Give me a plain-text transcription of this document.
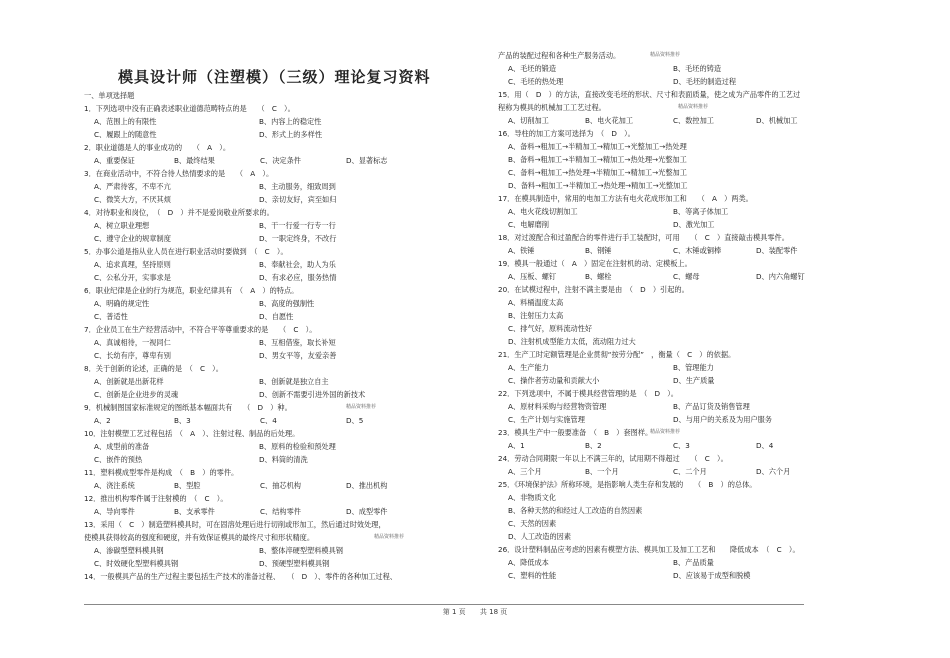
模具设计师（注塑模）（三级）理论复习资料
一、单项选择题
1．下列选项中没有正确表述职业道德范畴特点的是　　（　C　）。
A、范围上的有限性	B、内容上的稳定性
C、履跟上的随意性	D、形式上的多样性
2．职业道德是人的事业成功的　　（　A　）。
A、重要保证	B、最终结果	C、决定条件	D、显著标志
3．在商业活动中，不符合待人热情要求的是　　（　A　）。
A、严肃待客，不卑不亢	B、主动服务，细致周到
C、微笑大方，不厌其烦	D、亲切友好，宾至如归
4．对待职业和岗位，　（　D　）并不是爱岗敬业所要求的。
A、树立职业理想	B、干一行爱一行专一行
C、遵守企业的规章制度	D、一职定终身，不改行
5．办事公道是指从业人员在进行职业活动时要做到　（　C　）。
A、追求真理，坚持原则	B、奉献社会，助人为乐
C、公私分开，实事求是	D、有求必应，服务热情
6．职业纪律是企业的行为规范，职业纪律具有　（　A　）的特点。
A、明确的规定性	B、高度的强制性
C、普适性	D、自愿性
7．企业员工在生产经营活动中，不符合平等尊重要求的是　　（　C　）。
A、真诚相待，一视同仁	B、互相借鉴，取长补短
C、长幼有序，尊卑有别	D、男女平等，友爱亲善
8．关于创新的论述，正确的是　（　C　）。
A、创新就是出新花样	B、创新就是独立自主
C、创新是企业进步的灵魂	D、创新不需要引进外国的新技术
9．机械制图国家标准规定的图纸基本幅面共有　　（　D　）种。	精品资料推荐
A、2	B、3	C、4	D、5
10．注射模塑工艺过程包括　（　A　）、注射过程、制品的后处理。
A、成型前的准备	B、原料的检验和预处理
C、嵌件的预热	D、料筒的清洗
11．塑料模成型零件是构成　（　B　）的零件。
A、浇注系统	B、型腔	C、抽芯机构	D、推出机构
12．推出机构零件属于注射模的　（　C　）。
A、导向零件	B、支承零件	C、结构零件	D、成型零件
13．采用（　C　）制造塑料模具时，可在固溶处理后进行切削或形加工，然后通过时效处理，
使模具获得较高的强度和硬度，并有效保证模具的最终尺寸和形状精度。	精品资料推荐
A、渗碳型塑料模具钢	B、整体淬硬型塑料模具钢
C、时效硬化型塑料模具钢	D、预硬型塑料模具钢
14．一般模具产品的生产过程主要包括生产技术的准备过程、　　（　D　）、零件的各种加工过程、
产品的装配过程和各种生产服务活动。	精品资料推荐
A、毛坯的锻造	B、毛坯的铸造
C、毛坯的热处理	D、毛坯的制造过程
15．用（　D　）的方法，直接改变毛坯的形状、尺寸和表面质量，使之成为产品零件的工艺过
程称为模具的机械加工工艺过程。	精品资料推荐
A、切削加工	B、电火花加工	C、数控加工	D、机械加工
16．导柱的加工方案可选择为　（　D　）。
A、备料→粗加工→半精加工→精加工→光整加工→热处理
B、备料→粗加工→半精加工→精加工→热处理→光整加工
C、备料→粗加工→热处理→半精加工→精加工→光整加工
D、备料→粗加工→半精加工→热处理→精加工→光整加工
17．在模具制造中，常用的电加工方法有电火花成形加工和　　（　A　）两类。
A、电火花线切割加工	B、等离子体加工
C、电解磨削	D、激光加工
18．对过渡配合和过盈配合的零件进行手工装配时，可用　　（　C　）直接敲击模具零件。
A、铁锤	B、钢锤	C、木锤或铜棒	D、装配零件
19．模具一般通过（　A　）固定在注射机的动、定模板上。
A、压板、螺钉	B、螺栓	C、螺母	D、内六角螺钉
20．在试模过程中，注射不满主要是由　（　D　）引起的。
A、料桶温度太高
B、注射压力太高
C、排气好，原料流动性好
D、注射机成型能力太低，流动阻力过大
21．生产工时定额管理是企业贯彻“按劳分配”　，衡量（　C　）的依据。
A、生产能力	B、管理能力
C、操作者劳动量和贡献大小	D、生产质量
22．下列选项中，不属于模具经营管理的是　（　D　）。
A、原材料采购与经营物资管理	B、产品订货及销售管理
C、生产计划与实施管理	D、与用户的关系及为用户服务
23．模具生产中一般要准备　（　B　）套图样。
精品资料推荐
A、1	B、2	C、3	D、4
24．劳动合同期限一年以上不满三年的，试用期不得超过　　（　C　）。
A、三个月	B、一个月	C、二个月	D、六个月
25．《环境保护法》所称环境，是指影响人类生存和发展的　　（　B　）的总体。
A、非物质文化
B、各种天然的和经过人工改造的自然因素
C、天然的因素
D、人工改造的因素
26．设计塑料制品应考虑的因素有模塑方法、模具加工及加工工艺和　　降低成本　（　C　）。
A、降低成本	B、产品质量
C、塑料的性能	D、应该易于成型和脱模
第 1 页 共 18 页
